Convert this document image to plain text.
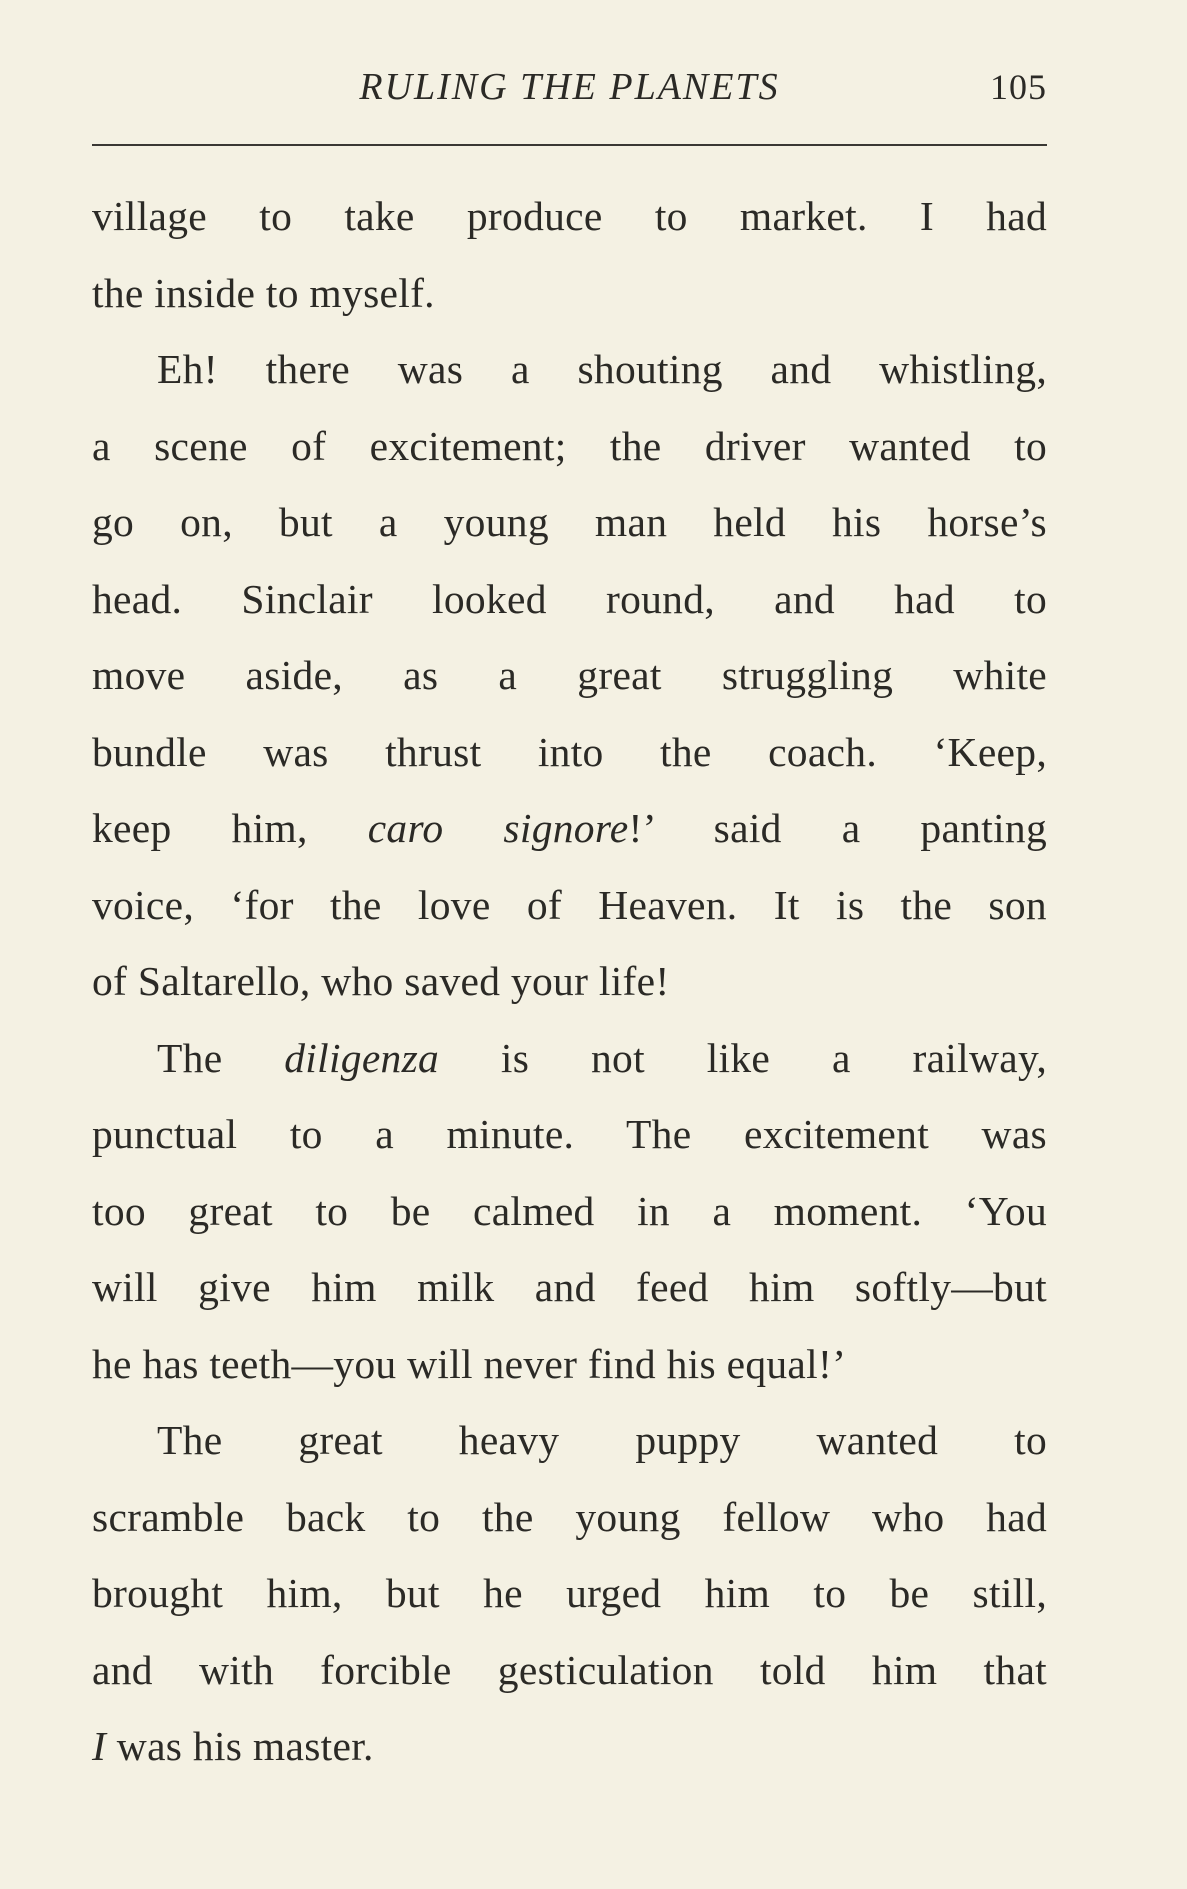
RULING THE PLANETS	105
village to take produce to market. I had
the inside to myself.
Eh! there was a shouting and whistling,
a scene of excitement; the driver wanted to
go on, but a young man held his horse’s
head. Sinclair looked round, and had to
move aside, as a great struggling white
bundle was thrust into the coach. ‘Keep,
keep him, caro signore!’ said a panting
voice, ‘for the love of Heaven. It is the son
of Saltarello, who saved your life!
The diligenza is not like a railway,
punctual to a minute. The excitement was
too great to be calmed in a moment. ‘You
will give him milk and feed him softly—but
he has teeth—you will never find his equal!’
The great heavy puppy wanted to
scramble back to the young fellow who had
brought him, but he urged him to be still,
and with forcible gesticulation told him that
I was his master.
